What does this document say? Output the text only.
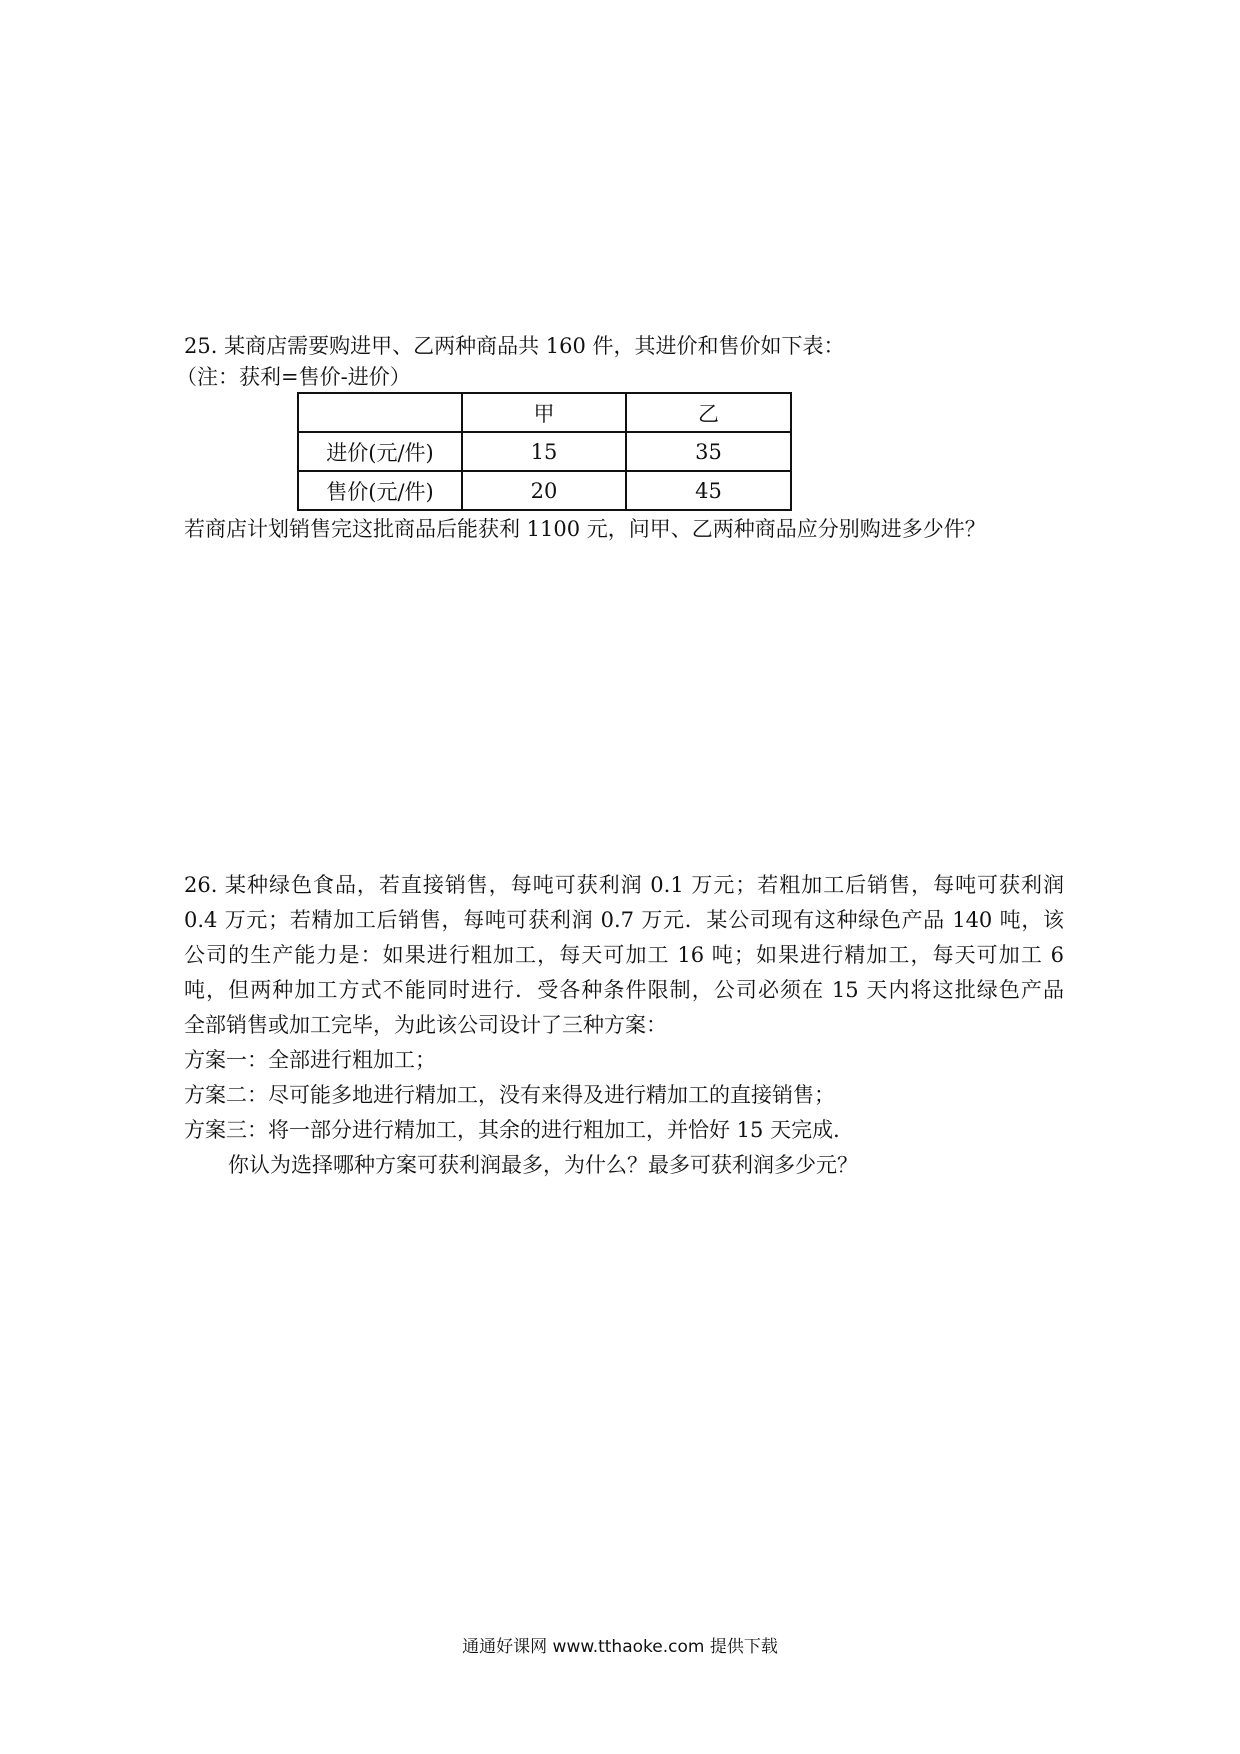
25. 某商店需要购进甲、乙两种商品共 160 件，其进价和售价如下表：
（注：获利=售价-进价）
	甲	乙
进价(元/件)	15	35
售价(元/件)	20	45
若商店计划销售完这批商品后能获利 1100 元，问甲、乙两种商品应分别购进多少件？
26. 某种绿色食品，若直接销售，每吨可获利润 0.1 万元；若粗加工后销售，每吨可获利润
0.4 万元；若精加工后销售，每吨可获利润 0.7 万元．某公司现有这种绿色产品 140 吨，该
公司的生产能力是：如果进行粗加工，每天可加工 16 吨；如果进行精加工，每天可加工 6
吨，但两种加工方式不能同时进行．受各种条件限制，公司必须在 15 天内将这批绿色产品
全部销售或加工完毕，为此该公司设计了三种方案：
方案一：全部进行粗加工；
方案二：尽可能多地进行精加工，没有来得及进行精加工的直接销售；
方案三：将一部分进行精加工，其余的进行粗加工，并恰好 15 天完成．
你认为选择哪种方案可获利润最多，为什么？最多可获利润多少元？
通通好课网 www.tthaoke.com 提供下载
